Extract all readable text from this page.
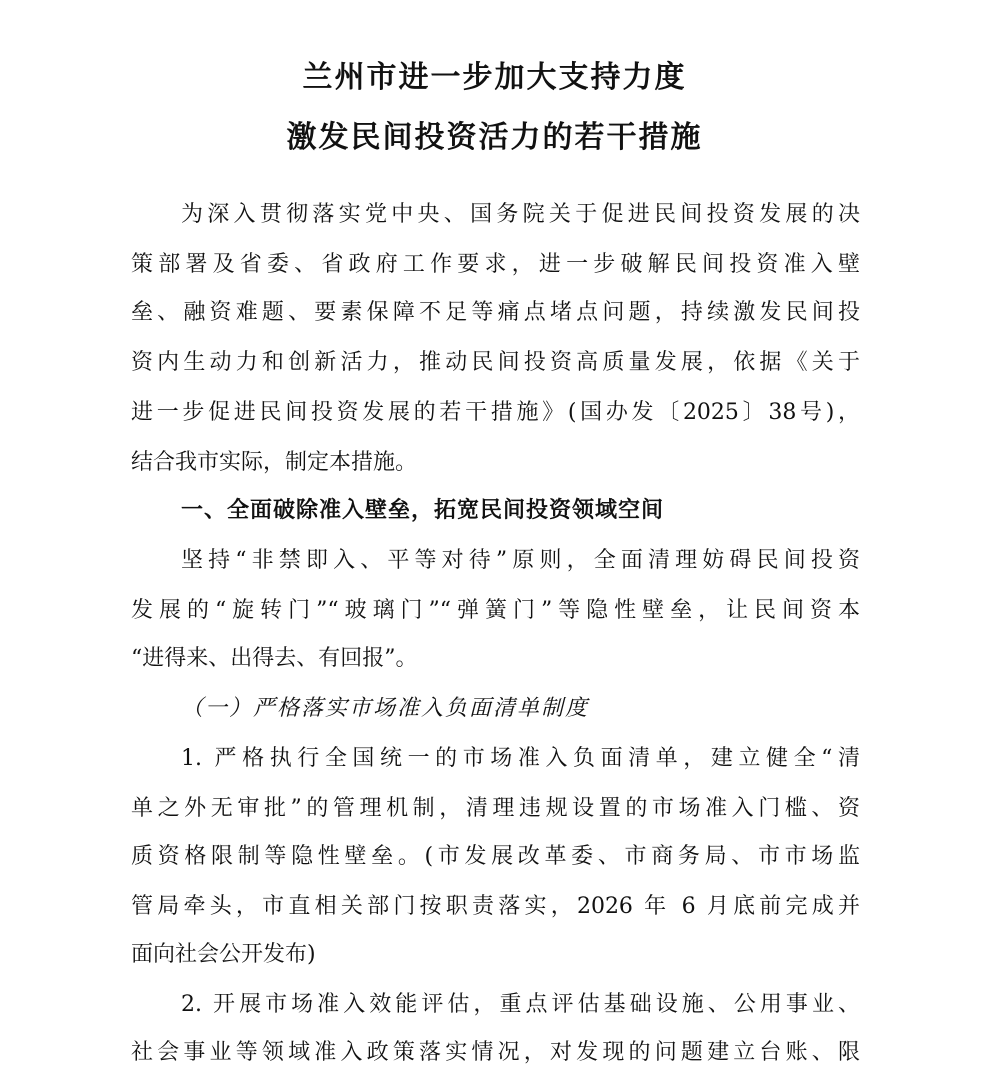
兰州市进一步加大支持力度
激发民间投资活力的若干措施
为深入贯彻落实党中央、国务院关于促进民间投资发展的决
策部署及省委、省政府工作要求，进一步破解民间投资准入壁
垒、融资难题、要素保障不足等痛点堵点问题，持续激发民间投
资内生动力和创新活力，推动民间投资高质量发展，依据《关于
进一步促进民间投资发展的若干措施》(国办发〔2025〕38号)，
结合我市实际，制定本措施。
一、全面破除准入壁垒，拓宽民间投资领域空间
坚持“非禁即入、平等对待”原则，全面清理妨碍民间投资
发展的“旋转门”“玻璃门”“弹簧门”等隐性壁垒，让民间资本
“进得来、出得去、有回报”。
（一）严格落实市场准入负面清单制度
1. 严格执行全国统一的市场准入负面清单，建立健全“清
单之外无审批”的管理机制，清理违规设置的市场准入门槛、资
质资格限制等隐性壁垒。(市发展改革委、市商务局、市市场监
管局牵头，市直相关部门按职责落实，2026 年 6 月底前完成并
面向社会公开发布)
2. 开展市场准入效能评估，重点评估基础设施、公用事业、
社会事业等领域准入政策落实情况，对发现的问题建立台账、限
